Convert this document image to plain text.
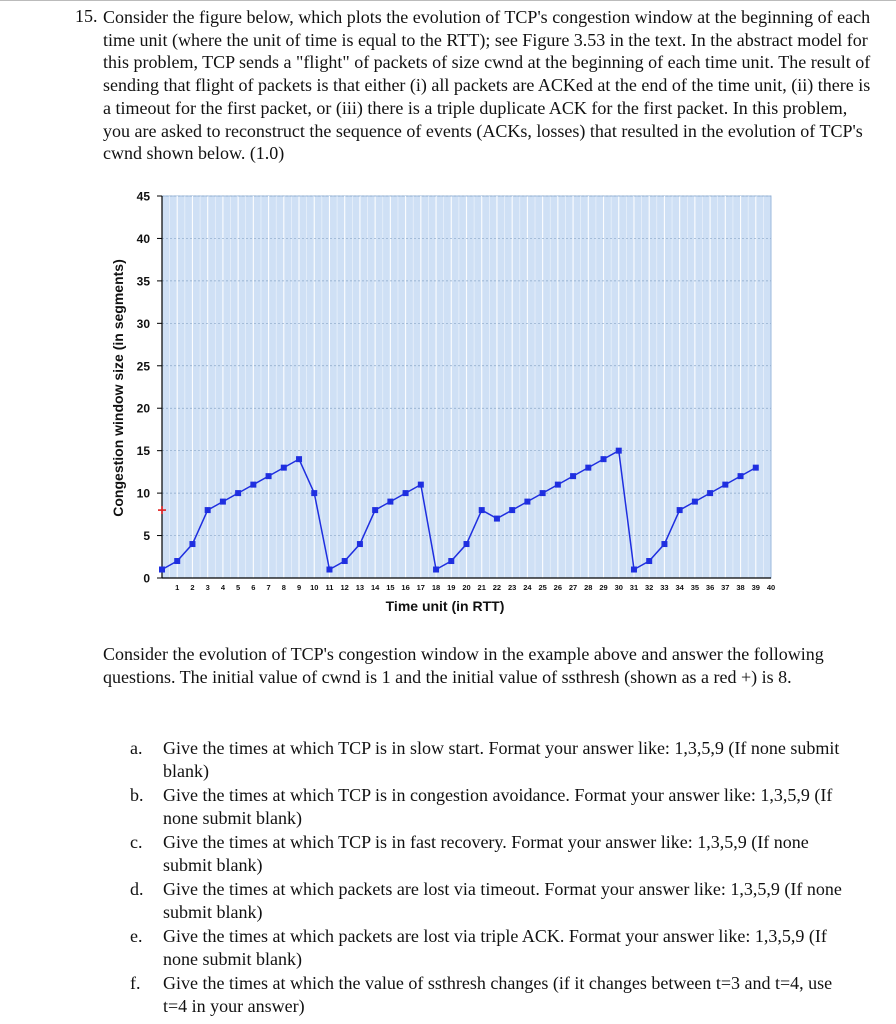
15. Consider the figure below, which plots the evolution of TCP's congestion window at the beginning of each time unit (where the unit of time is equal to the RTT); see Figure 3.53 in the text. In the abstract model for this problem, TCP sends a "flight" of packets of size cwnd at the beginning of each time unit. The result of sending that flight of packets is that either (i) all packets are ACKed at the end of the time unit, (ii) there is a timeout for the first packet, or (iii) there is a triple duplicate ACK for the first packet. In this problem, you are asked to reconstruct the sequence of events (ACKs, losses) that resulted in the evolution of TCP's cwnd shown below. (1.0)
0
5
10
15
20
25
30
35
40
45
1 2 3 4 5 6 7 8 9 10 11 12 13 14 15 16 17 18 19 20 21 22 23 24 25 26 27 28 29 30 31 32 33 34 35 36 37 38 39 40
Congestion window size (in segments)
Time unit (in RTT)
Consider the evolution of TCP's congestion window in the example above and answer the following questions. The initial value of cwnd is 1 and the initial value of ssthresh (shown as a red +) is 8.
a.	Give the times at which TCP is in slow start. Format your answer like: 1,3,5,9 (If none submit blank)
b.	Give the times at which TCP is in congestion avoidance. Format your answer like: 1,3,5,9 (If none submit blank)
c.	Give the times at which TCP is in fast recovery. Format your answer like: 1,3,5,9 (If none submit blank)
d.	Give the times at which packets are lost via timeout. Format your answer like: 1,3,5,9 (If none submit blank)
e.	Give the times at which packets are lost via triple ACK. Format your answer like: 1,3,5,9 (If none submit blank)
f.	Give the times at which the value of ssthresh changes (if it changes between t=3 and t=4, use t=4 in your answer)
